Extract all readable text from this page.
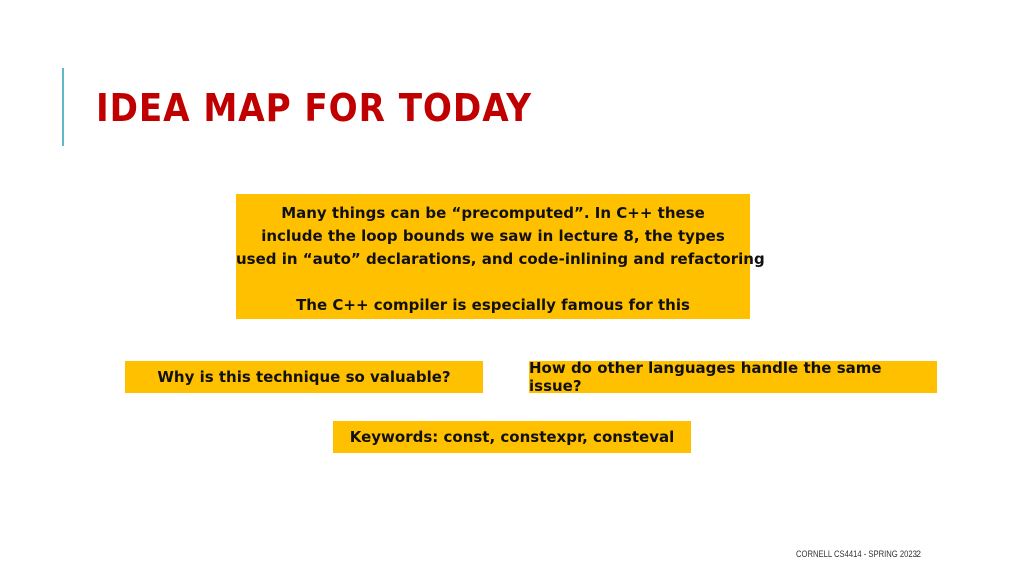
IDEA MAP FOR TODAY
Many things can be “precomputed”. In C++ these
include the loop bounds we saw in lecture 8, the types
used in “auto” declarations, and code-inlining and refactoring
The C++ compiler is especially famous for this
Why is this technique so valuable?	How do other languages handle the same issue?
Keywords: const, constexpr, consteval
CORNELL CS4414 - SPRING 2023 2
